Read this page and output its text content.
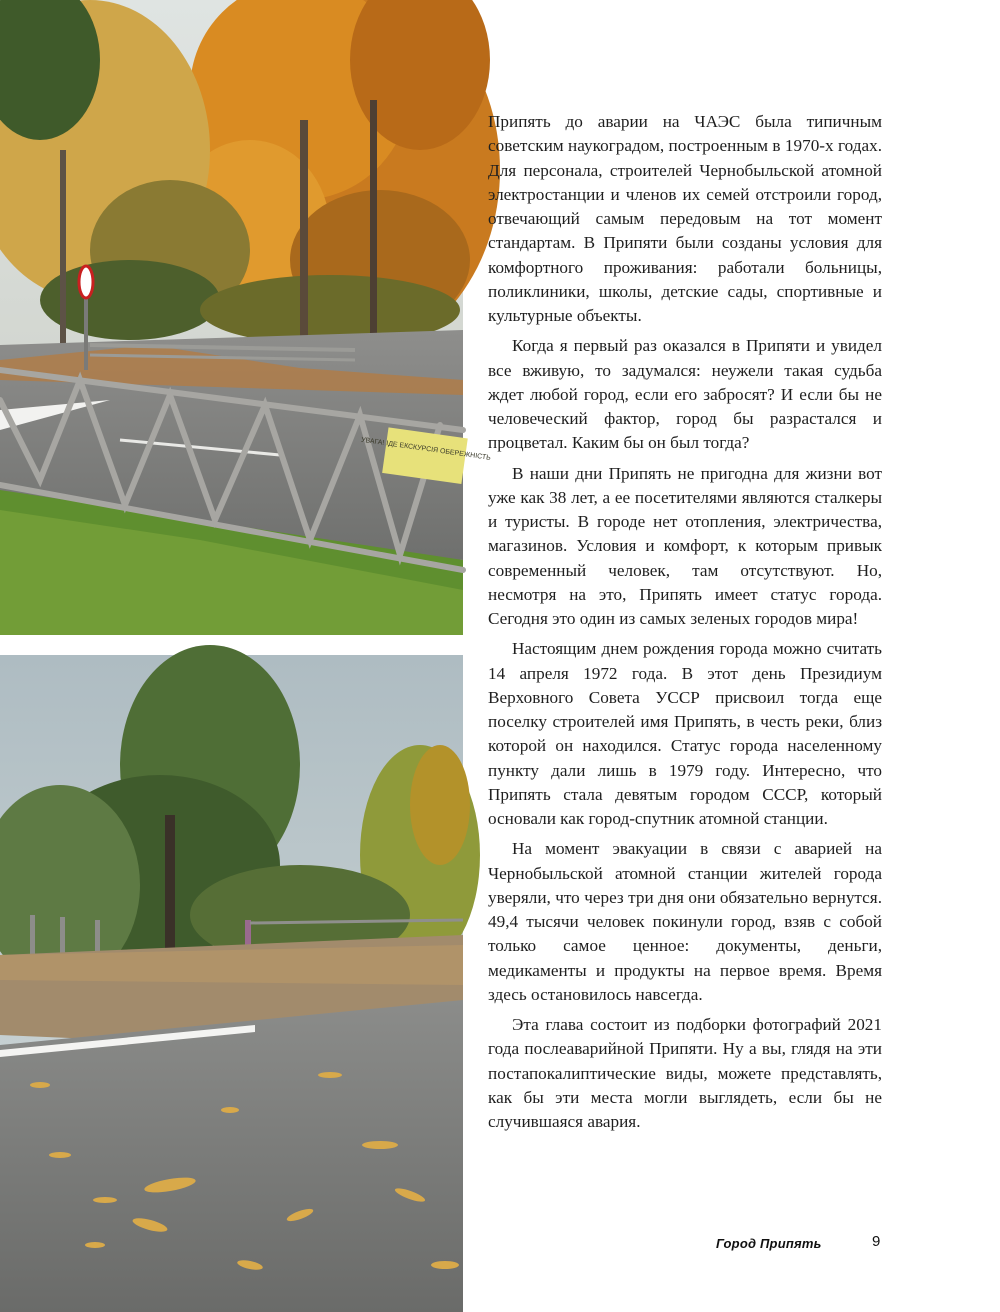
УВАГА! ІДЕ ЕКСКУРСІЯ ОБЕРЕЖНІСТЬ

Припять до аварии на ЧАЭС была типичным советским наукоградом, построенным в 1970-х годах. Для персонала, строителей Чернобыльской атомной электростанции и членов их семей отстроили город, отвечающий самым передовым на тот момент стандартам. В Припяти были созданы условия для комфортного проживания: работали больницы, поликлиники, школы, детские сады, спортивные и культурные объекты.

Когда я первый раз оказался в Припяти и увидел все вживую, то задумался: неужели такая судьба ждет любой город, если его забросят? И если бы не человеческий фактор, город бы разрастался и процветал. Каким бы он был тогда?

В наши дни Припять не пригодна для жизни вот уже как 38 лет, а ее посетителями являются сталкеры и туристы. В городе нет отопления, электричества, магазинов. Условия и комфорт, к которым привык современный человек, там отсутствуют. Но, несмотря на это, Припять имеет статус города. Сегодня это один из самых зеленых городов мира!

Настоящим днем рождения города можно считать 14 апреля 1972 года. В этот день Президиум Верховного Совета УССР присвоил тогда еще поселку строителей имя Припять, в честь реки, близ которой он находился. Статус города населенному пункту дали лишь в 1979 году. Интересно, что Припять стала девятым городом СССР, который основали как город-спутник атомной станции.

На момент эвакуации в связи с аварией на Чернобыльской атомной станции жителей города уверяли, что через три дня они обязательно вернутся. 49,4 тысячи человек покинули город, взяв с собой только самое ценное: документы, деньги, медикаменты и продукты на первое время. Время здесь остановилось навсегда.

Эта глава состоит из подборки фотографий 2021 года послеаварийной Припяти. Ну а вы, глядя на эти постапокалиптические виды, можете представлять, как бы эти места могли выглядеть, если бы не случившаяся авария.

Город Припять	9
